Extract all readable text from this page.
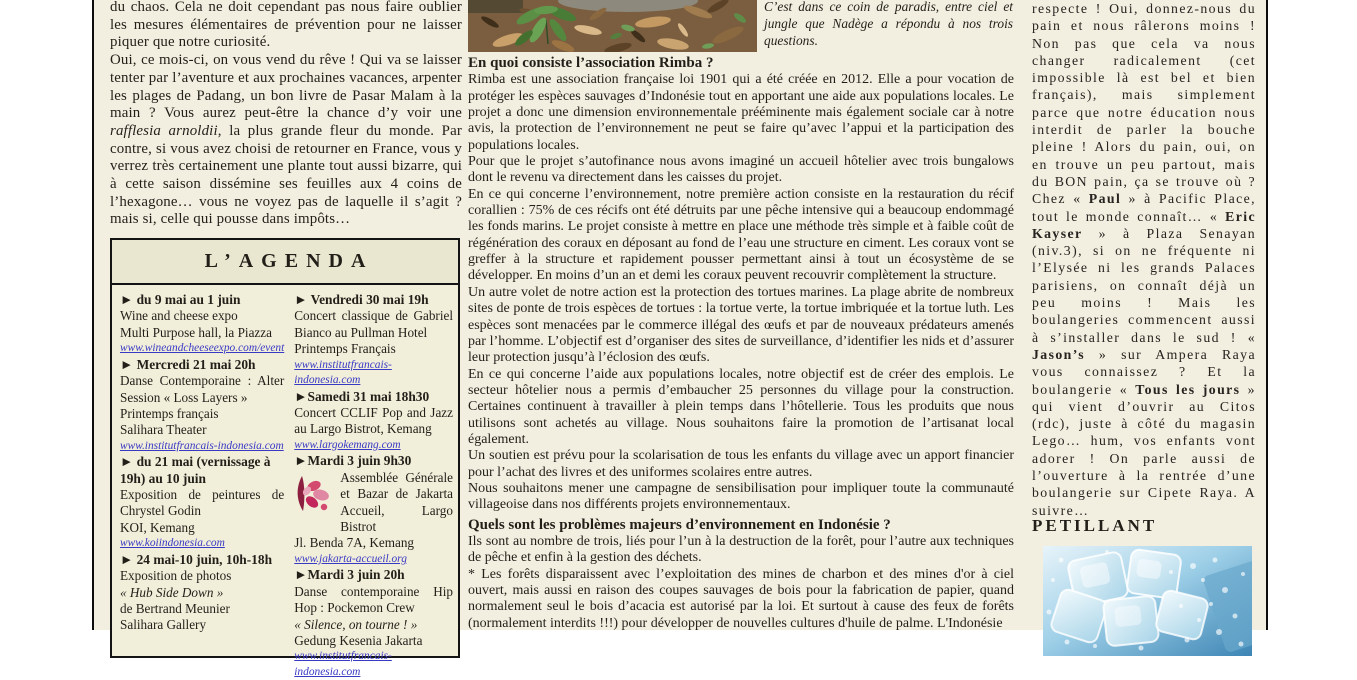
du chaos. Cela ne doit cependant pas nous faire oublier les mesures élémentaires de prévention pour ne laisser piquer que notre curiosité.

Oui, ce mois-ci, on vous vend du rêve ! Qui va se laisser tenter par l’aventure et aux prochaines vacances, arpenter les plages de Padang, un bon livre de Pasar Malam à la main ? Vous aurez peut-être la chance d’y voir une rafflesia arnoldii, la plus grande fleur du monde. Par contre, si vous avez choisi de retourner en France, vous y verrez très certainement une plante tout aussi bizarre, qui à cette saison dissémine ses feuilles aux 4 coins de l’hexagone… vous ne voyez pas de laquelle il s’agit ? mais si, celle qui pousse dans impôts…

L’AGENDA
► du 9 mai au 1 juin
Wine and cheese expo
Multi Purpose hall, la Piazza
www.wineandcheeseexpo.com/event
► Mercredi 21 mai 20h
Danse Contemporaine : Alter Session « Loss Layers »
Printemps français
Salihara Theater
www.institutfrancais-indonesia.com
► du 21 mai (vernissage à 19h) au 10 juin
Exposition de peintures de Chrystel Godin
KOI, Kemang
www.koiindonesia.com
► 24 mai-10 juin, 10h-18h
Exposition de photos
« Hub Side Down »
de Bertrand Meunier
Salihara Gallery
► Vendredi 30 mai 19h
Concert classique de Gabriel Bianco au Pullman Hotel
Printemps Français
www.institutfrancais-indonesia.com
►Samedi 31 mai 18h30
Concert CCLIF Pop and Jazz au Largo Bistrot, Kemang
www.largokemang.com
►Mardi 3 juin 9h30
Assemblée Générale et Bazar de Jakarta Accueil, Largo Bistrot
Jl. Benda 7A, Kemang
www.jakarta-accueil.org
►Mardi 3 juin 20h
Danse contemporaine Hip Hop : Pockemon Crew
« Silence, on tourne ! »
Gedung Kesenia Jakarta
www.institutfrancais-indonesia.com
C’est dans ce coin de paradis, entre ciel et jungle que Nadège a répondu à nos trois questions.
En quoi consiste l’association Rimba ?

Rimba est une association française loi 1901 qui a été créée en 2012. Elle a pour vocation de protéger les espèces sauvages d’Indonésie tout en apportant une aide aux populations locales. Le projet a donc une dimension environnementale prééminente mais également sociale car à notre avis, la protection de l’environnement ne peut se faire qu’avec l’appui et la participation des populations locales.

Pour que le projet s’autofinance nous avons imaginé un accueil hôtelier avec trois bungalows dont le revenu va directement dans les caisses du projet.

En ce qui concerne l’environnement, notre première action consiste en la restauration du récif corallien : 75% de ces récifs ont été détruits par une pêche intensive qui a beaucoup endommagé les fonds marins. Le projet consiste à mettre en place une méthode très simple et à faible coût de régénération des coraux en déposant au fond de l’eau une structure en ciment. Les coraux vont se greffer à la structure et rapidement pousser permettant ainsi à tout un écosystème de se développer. En moins d’un an et demi les coraux peuvent recouvrir complètement la structure.

Un autre volet de notre action est la protection des tortues marines. La plage abrite de nombreux sites de ponte de trois espèces de tortues : la tortue verte, la tortue imbriquée et la tortue luth. Les espèces sont menacées par le commerce illégal des œufs et par de nouveaux prédateurs amenés par l’homme. L’objectif est d’organiser des sites de surveillance, d’identifier les nids et d’assurer leur protection jusqu’à l’éclosion des œufs.

En ce qui concerne l’aide aux populations locales, notre objectif est de créer des emplois. Le secteur hôtelier nous a permis d’embaucher 25 personnes du village pour la construction. Certaines continuent à travailler à plein temps dans l’hôtellerie. Tous les produits que nous utilisons sont achetés au village. Nous souhaitons faire la promotion de l’artisanat local également.

Un soutien est prévu pour la scolarisation de tous les enfants du village avec un apport financier pour l’achat des livres et des uniformes scolaires entre autres.

Nous souhaitons mener une campagne de sensibilisation pour impliquer toute la communauté villageoise dans nos différents projets environnementaux.

Quels sont les problèmes majeurs d’environnement en Indonésie ?

Ils sont au nombre de trois, liés pour l’un à la destruction de la forêt, pour l’autre aux techniques de pêche et enfin à la gestion des déchets.

* Les forêts disparaissent avec l’exploitation des mines de charbon et des mines d'or à ciel ouvert, mais aussi en raison des coupes sauvages de bois pour la fabrication de papier, quand normalement seul le bois d’acacia est autorisé par la loi. Et surtout à cause des feux de forêts (normalement interdits !!!) pour développer de nouvelles cultures d'huile de palme. L'Indonésie

respecte ! Oui, donnez-nous du pain et nous râlerons moins ! Non pas que cela va nous changer radicalement (cet impossible là est bel et bien français), mais simplement parce que notre éducation nous interdit de parler la bouche pleine ! Alors du pain, oui, on en trouve un peu partout, mais du BON pain, ça se trouve où ? Chez « Paul » à Pacific Place, tout le monde connaît… « Eric Kayser » à Plaza Senayan (niv.3), si on ne fréquente ni l’Elysée ni les grands Palaces parisiens, on connaît déjà un peu moins ! Mais les boulangeries commencent aussi à s’installer dans le sud ! « Jason’s » sur Ampera Raya vous connaissez ? Et la boulangerie « Tous les jours » qui vient d’ouvrir au Citos (rdc), juste à côté du magasin Lego… hum, vos enfants vont adorer ! On parle aussi de l’ouverture à la rentrée d’une boulangerie sur Cipete Raya. A suivre…
PETILLANT
